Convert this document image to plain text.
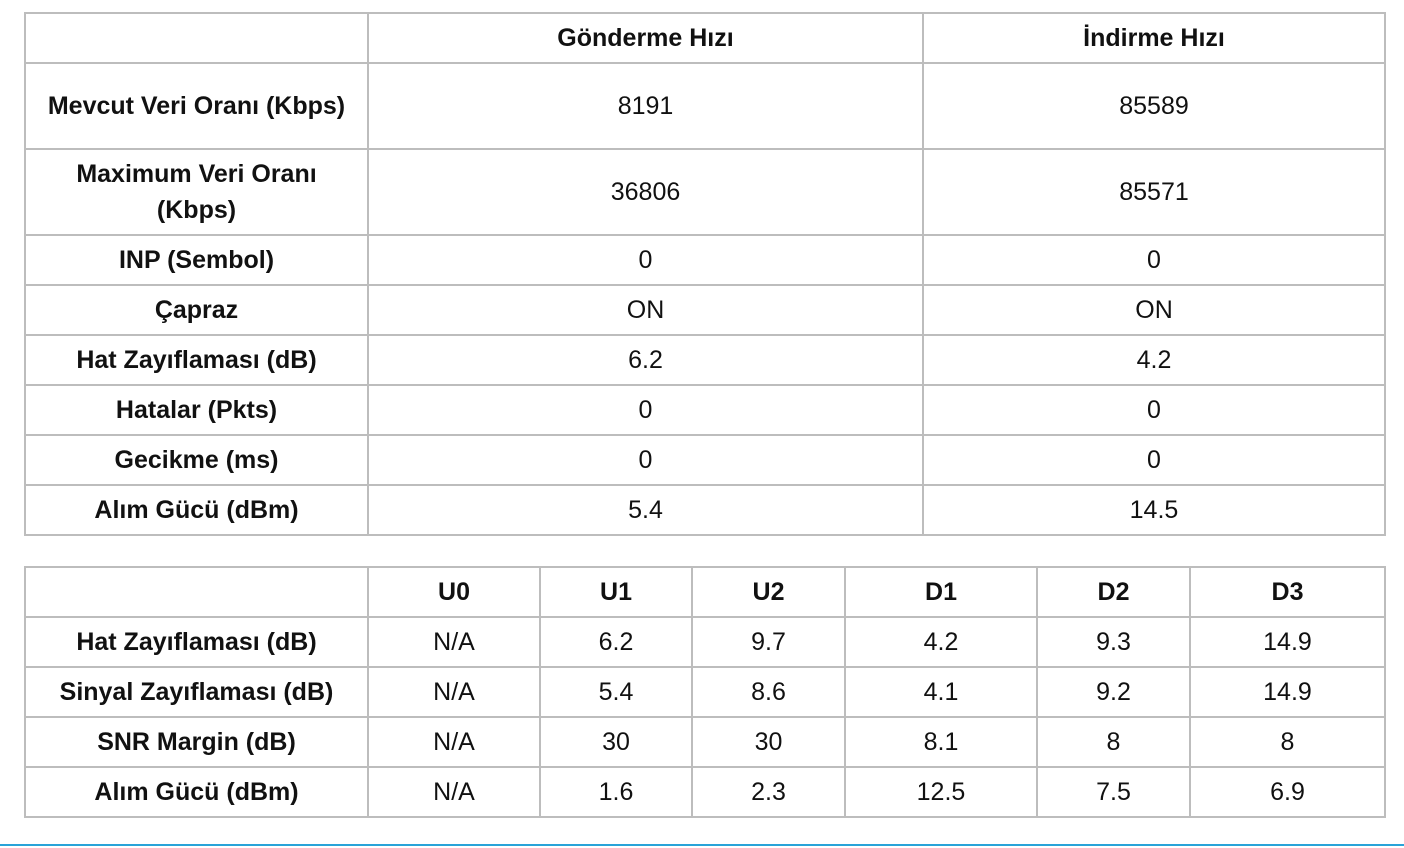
	Gönderme Hızı	İndirme Hızı
Mevcut Veri Oranı (Kbps)	8191	85589
Maximum Veri Oranı (Kbps)	36806	85571
INP (Sembol)	0	0
Çapraz	ON	ON
Hat Zayıflaması (dB)	6.2	4.2
Hatalar (Pkts)	0	0
Gecikme (ms)	0	0
Alım Gücü (dBm)	5.4	14.5
	U0	U1	U2	D1	D2	D3
Hat Zayıflaması (dB)	N/A	6.2	9.7	4.2	9.3	14.9
Sinyal Zayıflaması (dB)	N/A	5.4	8.6	4.1	9.2	14.9
SNR Margin (dB)	N/A	30	30	8.1	8	8
Alım Gücü (dBm)	N/A	1.6	2.3	12.5	7.5	6.9
